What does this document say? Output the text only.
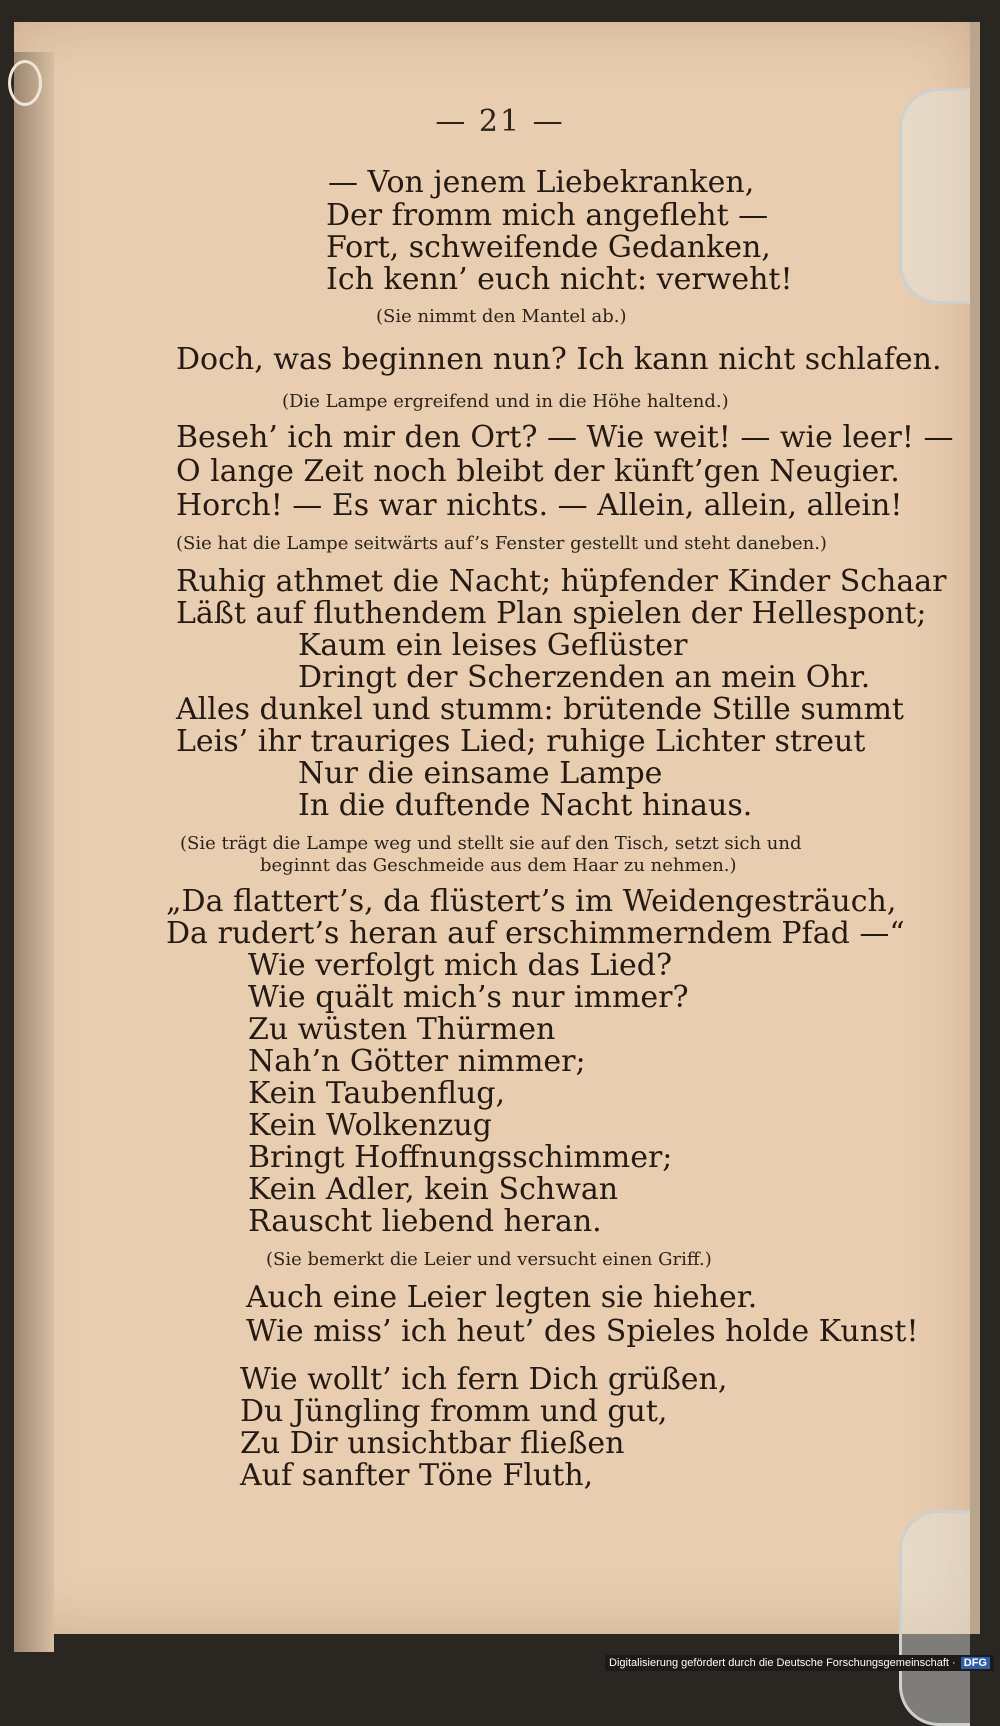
— 21 —
— Von jenem Liebekranken,
Der fromm mich angefleht —
Fort, schweifende Gedanken,
Ich kenn’ euch nicht: verweht!
(Sie nimmt den Mantel ab.)
Doch, was beginnen nun? Ich kann nicht schlafen.
(Die Lampe ergreifend und in die Höhe haltend.)
Beseh’ ich mir den Ort? — Wie weit! — wie leer! —
O lange Zeit noch bleibt der künft’gen Neugier.
Horch! — Es war nichts. — Allein, allein, allein!
(Sie hat die Lampe seitwärts auf’s Fenster gestellt und steht daneben.)
Ruhig athmet die Nacht; hüpfender Kinder Schaar
Läßt auf fluthendem Plan spielen der Hellespont;
Kaum ein leises Geflüster
Dringt der Scherzenden an mein Ohr.
Alles dunkel und stumm: brütende Stille summt
Leis’ ihr trauriges Lied; ruhige Lichter streut
Nur die einsame Lampe
In die duftende Nacht hinaus.
(Sie trägt die Lampe weg und stellt sie auf den Tisch, setzt sich und
beginnt das Geschmeide aus dem Haar zu nehmen.)
„Da flattert’s, da flüstert’s im Weidengesträuch,
Da rudert’s heran auf erschimmerndem Pfad —“
Wie verfolgt mich das Lied?
Wie quält mich’s nur immer?
Zu wüsten Thürmen
Nah’n Götter nimmer;
Kein Taubenflug,
Kein Wolkenzug
Bringt Hoffnungsschimmer;
Kein Adler, kein Schwan
Rauscht liebend heran.
(Sie bemerkt die Leier und versucht einen Griff.)
Auch eine Leier legten sie hieher.
Wie miss’ ich heut’ des Spieles holde Kunst!
Wie wollt’ ich fern Dich grüßen,
Du Jüngling fromm und gut,
Zu Dir unsichtbar fließen
Auf sanfter Töne Fluth,
Digitalisierung gefördert durch die Deutsche Forschungsgemeinschaft · DFG
